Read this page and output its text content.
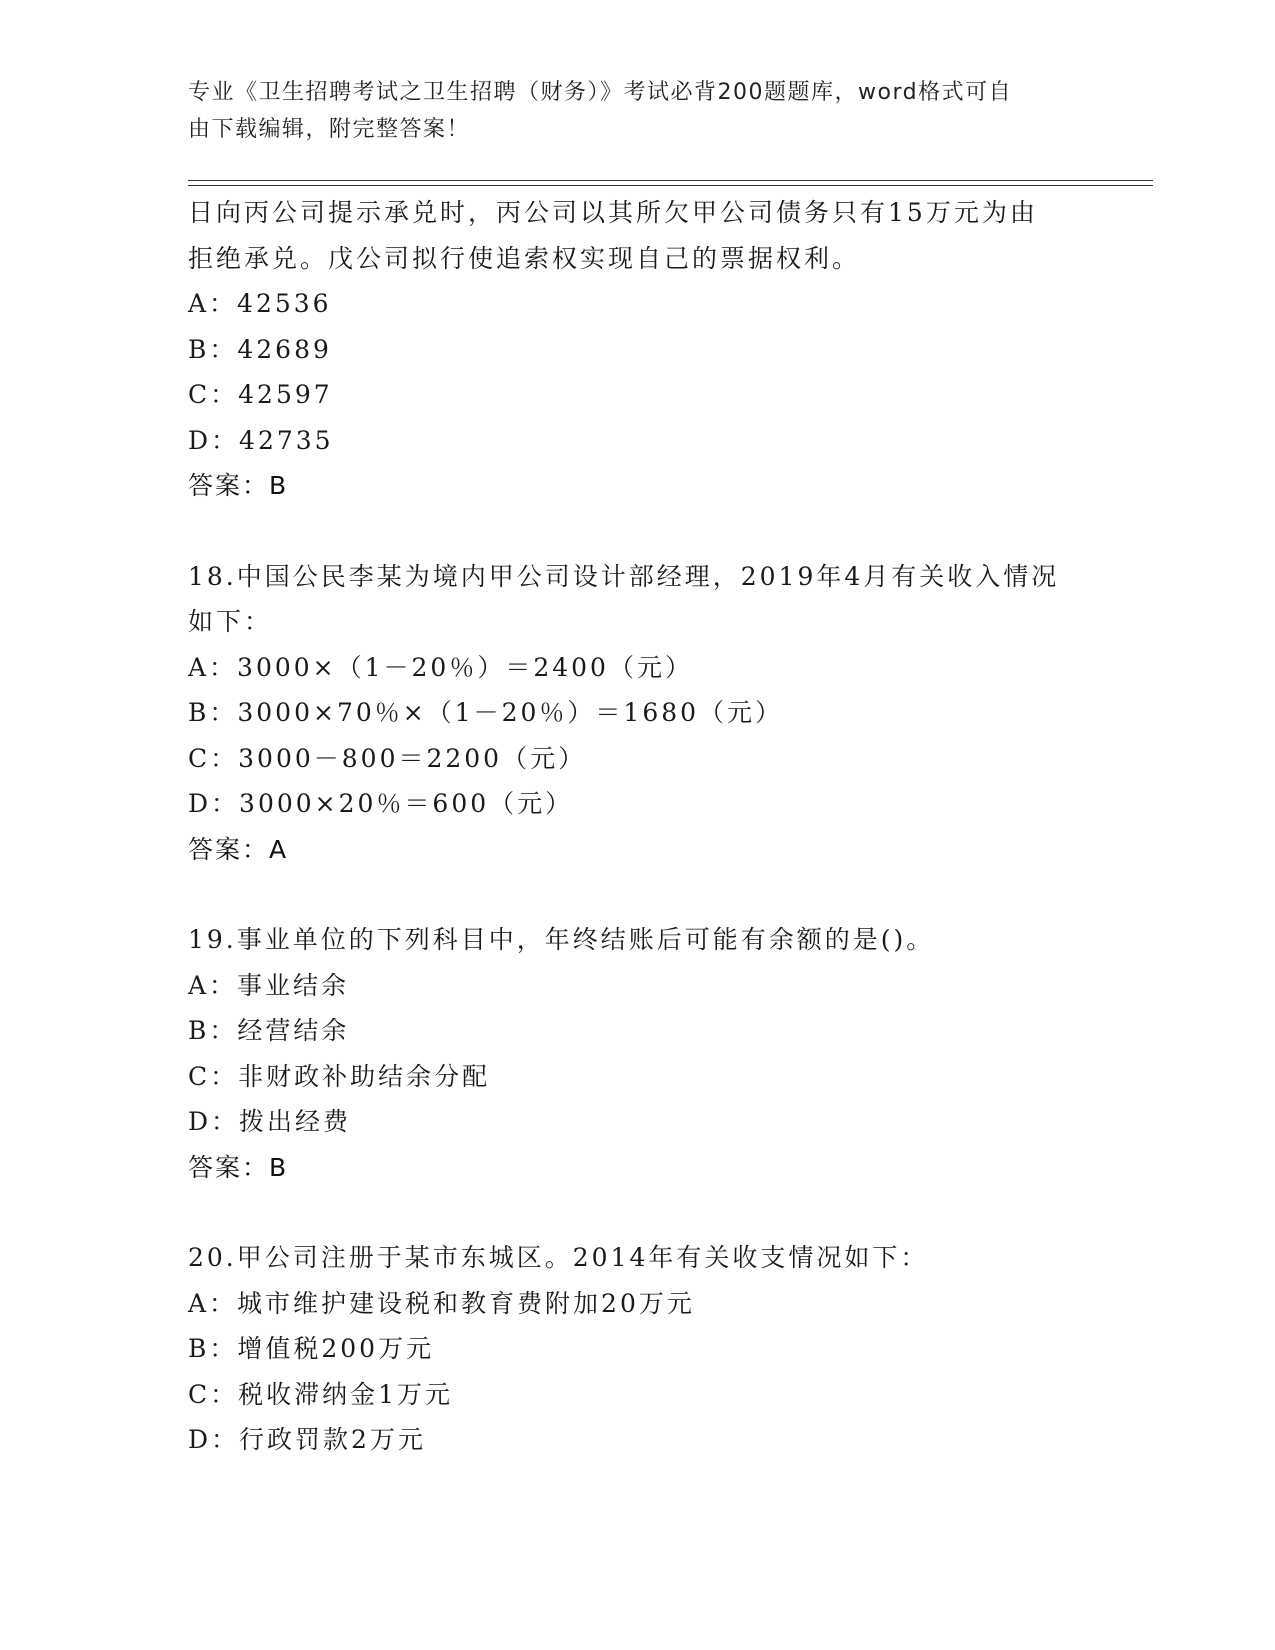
专业《卫生招聘考试之卫生招聘（财务）》考试必背200题题库，word格式可自
由下载编辑，附完整答案！
日向丙公司提示承兑时，丙公司以其所欠甲公司债务只有15万元为由
拒绝承兑。戊公司拟行使追索权实现自己的票据权利。
A：42536
B：42689
C：42597
D：42735
答案：B
18.中国公民李某为境内甲公司设计部经理，2019年4月有关收入情况
如下：
A：3000×（1－20％）＝2400（元）
B：3000×70％×（1－20％）＝1680（元）
C：3000－800＝2200（元）
D：3000×20％＝600（元）
答案：A
19.事业单位的下列科目中，年终结账后可能有余额的是()。
A：事业结余
B：经营结余
C：非财政补助结余分配
D：拨出经费
答案：B
20.甲公司注册于某市东城区。2014年有关收支情况如下：
A：城市维护建设税和教育费附加20万元
B：增值税200万元
C：税收滞纳金1万元
D：行政罚款2万元
